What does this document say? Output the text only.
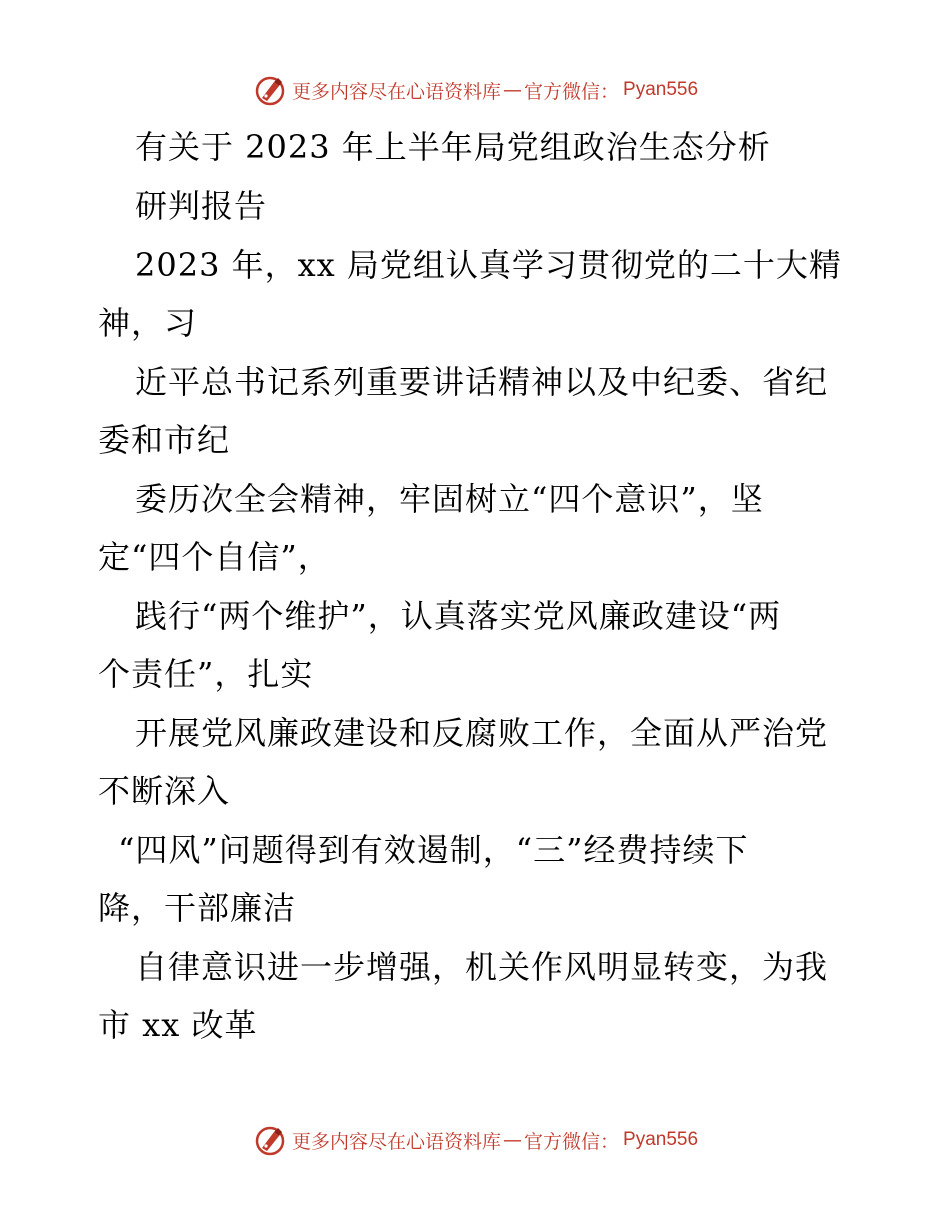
更多内容尽在心语资料库 — 官方微信 ： Pyan556
有关于 2023 年上半年局党组政治生态分析
研判报告
2023 年，xx 局党组认真学习贯彻党的二十大精
神，习
近平总书记系列重要讲话精神以及中纪委、省纪
委和市纪
委历次全会精神，牢固树立“四个意识”，坚
定“四个自信”，
践行“两个维护”，认真落实党风廉政建设“两
个责任”，扎实
开展党风廉政建设和反腐败工作，全面从严治党
不断深入
“四风”问题得到有效遏制，“三”经费持续下
降，干部廉洁
自律意识进一步增强，机关作风明显转变，为我
市 xx 改革
更多内容尽在心语资料库 — 官方微信 ： Pyan556
